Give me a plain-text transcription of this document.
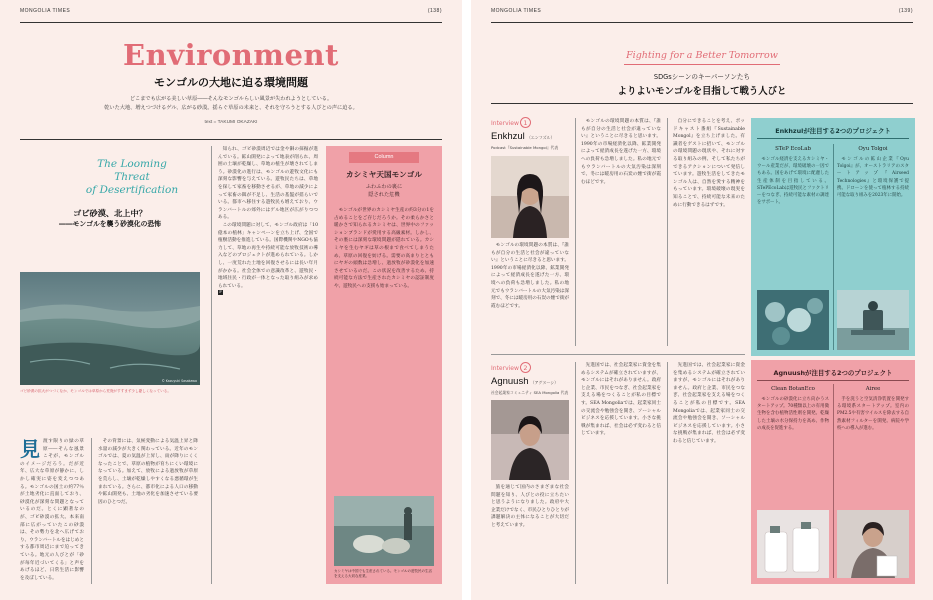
MONGOLIA TIMES	(138)
Environment
モンゴルの大地に迫る環境問題
どこまでも広がる美しい草原――そんなモンゴルらしい風景が失われようとしている。
乾いた大地、増えつづけるゲル、広がる砂漠。揺らぐ草原の未来と、それを守ろうとする人びとの声に迫る。
text = TAKUMI OKAZAKI
The Looming
Threat
of Desertification
ゴビ砂漠、北上中？
――モンゴルを襲う砂漠化の恐怖
© Kazuyuki Sasakawa
ゴビ砂漠の拡大がつづくなか、モンゴルでは草原から荒廃がすすまず少し憂しくなっている。
見渡す限りの緑の草原――そんな風景こそが、モンゴルのイメージだろう。だが近年、広大な草原が静かに、しかし確実に姿を変えつつある。モンゴルの国土の約77％が土地劣化に直面しており、砂漠化が深刻な問題となっているのだ。とくに顕著なのが、ゴビ砂漠の拡大。本来南部に広がっていたこの砂漠は、その勢力を北へ広げており、ウランバートルをはじめとする都市周辺にまで迫ってきている。地元の人びとが「砂が毎年近づいてくる」と声をあげるほど、日常生活に影響を及ぼしている。

その背景には、気候変動による気温上昇と降水量の減少が大きく関わっている。近年のモンゴルでは、夏の気温が上昇し、雨が降りにくくなったことで、草原の植物が育ちにくい環境になっている。加えて、放牧による過放牧が草原を荒らし、土壌が乾燥しやすくなる悪循環が生まれている。さらに、都市化による人口の移動や鉱山開発も、土地の劣化を加速させている要因のひとつだ。

知られ、ゴビ砂漠周辺では金や銅の採掘が進んでいる。鉱山開発によって地表が削られ、周囲の土壌が乾燥し、草地の植生が壊されてしまう。砂漠化の進行は、モンゴルの遊牧文化にも深刻な影響を与えている。遊牧民たちは、草地を探して家畜を移動させるが、草地の減少によって家畜の餌が不足し、生活の基盤が揺らいでいる。都市へ移住する遊牧民も増えており、ウランバートルの郊外にはゲル地区が広がりつつある。

この環境問題に対して、モンゴル政府は「10億本の植林」キャンペーンを立ち上げ、全国で植樹活動を推進している。国際機関やNGOも協力して、草地の再生や持続可能な放牧技術の導入などのプロジェクトが進められている。しかし、一度荒れた土地を回復させるには長い年月がかかる。社会全体での意識改革と、遊牧民・地域住民・行政が一体となった取り組みが求められている。

F

Column
カシミヤ天国モンゴル
ふわふわの裏に
隠された危機

モンゴルが世界のカシミヤ生産の約3分の1を占めることをご存じだろうか。その柔らかさと暖かさで知られるカシミヤは、世界中のファッションブランドが愛用する高級素材。しかし、その裏には深刻な環境問題が隠れている。カシミヤを生むヤギは草の根まで食べてしまうため、草原の回復を妨げる。需要の高まりとともにヤギの頭数は急増し、過放牧が砂漠化を加速させているのだ。この状況を改善するため、持続可能な方法で生産されたカシミヤの認証制度や、遊牧民への支援も始まっている。

カシミヤは中国でも生産されている。モンゴルの遊牧民の生活を支える大切な産業。
MONGOLIA TIMES	(139)
Fighting for a Better Tomorrow
SDGsシーンのキーパーソンたち
よりよいモンゴルを目指して戦う人びと
Interview 1
Enkhzul （エンフズル）
Podcast『Sustainable Mongol』代表

モンゴルの環境問題の本質は、『誰もが自分の生活と社会が違っていない』ということに尽きると思います。1990年の市場経済化以降、鉱業開発によって経済成長を遂げた一方、環境への負荷も急増しました。私の地元でもウランバートルの大気汚染は深刻で、冬には暖房用の石炭の煙で街が霞むほどです。

モンゴルの環境問題の本質は、『誰もが自分の生活と社会が違っていない』ということに尽きると思います。1990年の市場経済化以降、鉱業開発によって経済成長を遂げた一方、環境への負荷も急増しました。私の地元でもウランバートルの大気汚染は深刻で、冬には暖房用の石炭の煙で街が霞むほどです。

自分にできることを考え、ポッドキャスト番組『Sustainable Mongol』を立ち上げました。有識者をゲストに招いて、モンゴルの環境問題の現状や、それに対する取り組みの例、そして私たちができるアクションについて発信しています。遊牧生活をしてきたモンゴル人は、自然を愛する精神をもっています。環境破壊の現実を知ることで、持続可能な未来のために行動できるはずです。

Interview 2
Agnuush （アグヌーシ）
社会起業家コミュニティ SEA Mongolia 代表

旅を通じて国内のさまざまな社会問題を知り、人びとの役に立ちたいと思うようになりました。政府や大企業だけでなく、市民ひとりひとりが課題解決の主体になることが大切だと考えています。

先進国では、社会起業家に資金を集めるシステムが確立されていますが、モンゴルにはそれがありません。政府と企業、市民をつなぎ、社会起業家を支える場をつくることが私の目標です。SEA Mongoliaでは、起業家同士の交流会や勉強会を開き、ソーシャルビジネスを応援しています。小さな挑戦が集まれば、社会は必ず変わると信じています。

先進国では、社会起業家に資金を集めるシステムが確立されていますが、モンゴルにはそれがありません。政府と企業、市民をつなぎ、社会起業家を支える場をつくることが私の目標です。SEA Mongoliaでは、起業家同士の交流会や勉強会を開き、ソーシャルビジネスを応援しています。小さな挑戦が集まれば、社会は必ず変わると信じています。

Enkhzulが注目する2つのプロジェクト
STeP EcoLab

モンゴル経済を支えるカシミヤ・ウール産業だが、環境破壊の一因でもある。国をあげて環境に配慮した生産体制を目指している。STePEcoLabは遊牧民とファクトリーをつなぎ、持続可能な素材の調達をサポート。

Oyu Tolgoi

モンゴルの鉱山企業『Oyu Tolgoi』が、オーストラリアのスタートアップ『Airseed Technologies』と環境保護で提携。ドローンを使って植林する持続可能な取り組みを2023年に開始。

Agnuushが注目する2つのプロジェクト
Clean BotanEco

モンゴルの砂漠化に立ち向かうスタートアップ。70種類以上の有用微生物を含む植物活性剤を開発。乾燥した土壌の水分保持力を高め、作物の成長を促進する。

Airee

手を洗うと空気清浄装置を開発する環境系スタートアップ。室内のPM2.5や有害ウイルスを除去する自然素材フィルターを開発。病院や学校への導入が進む。
